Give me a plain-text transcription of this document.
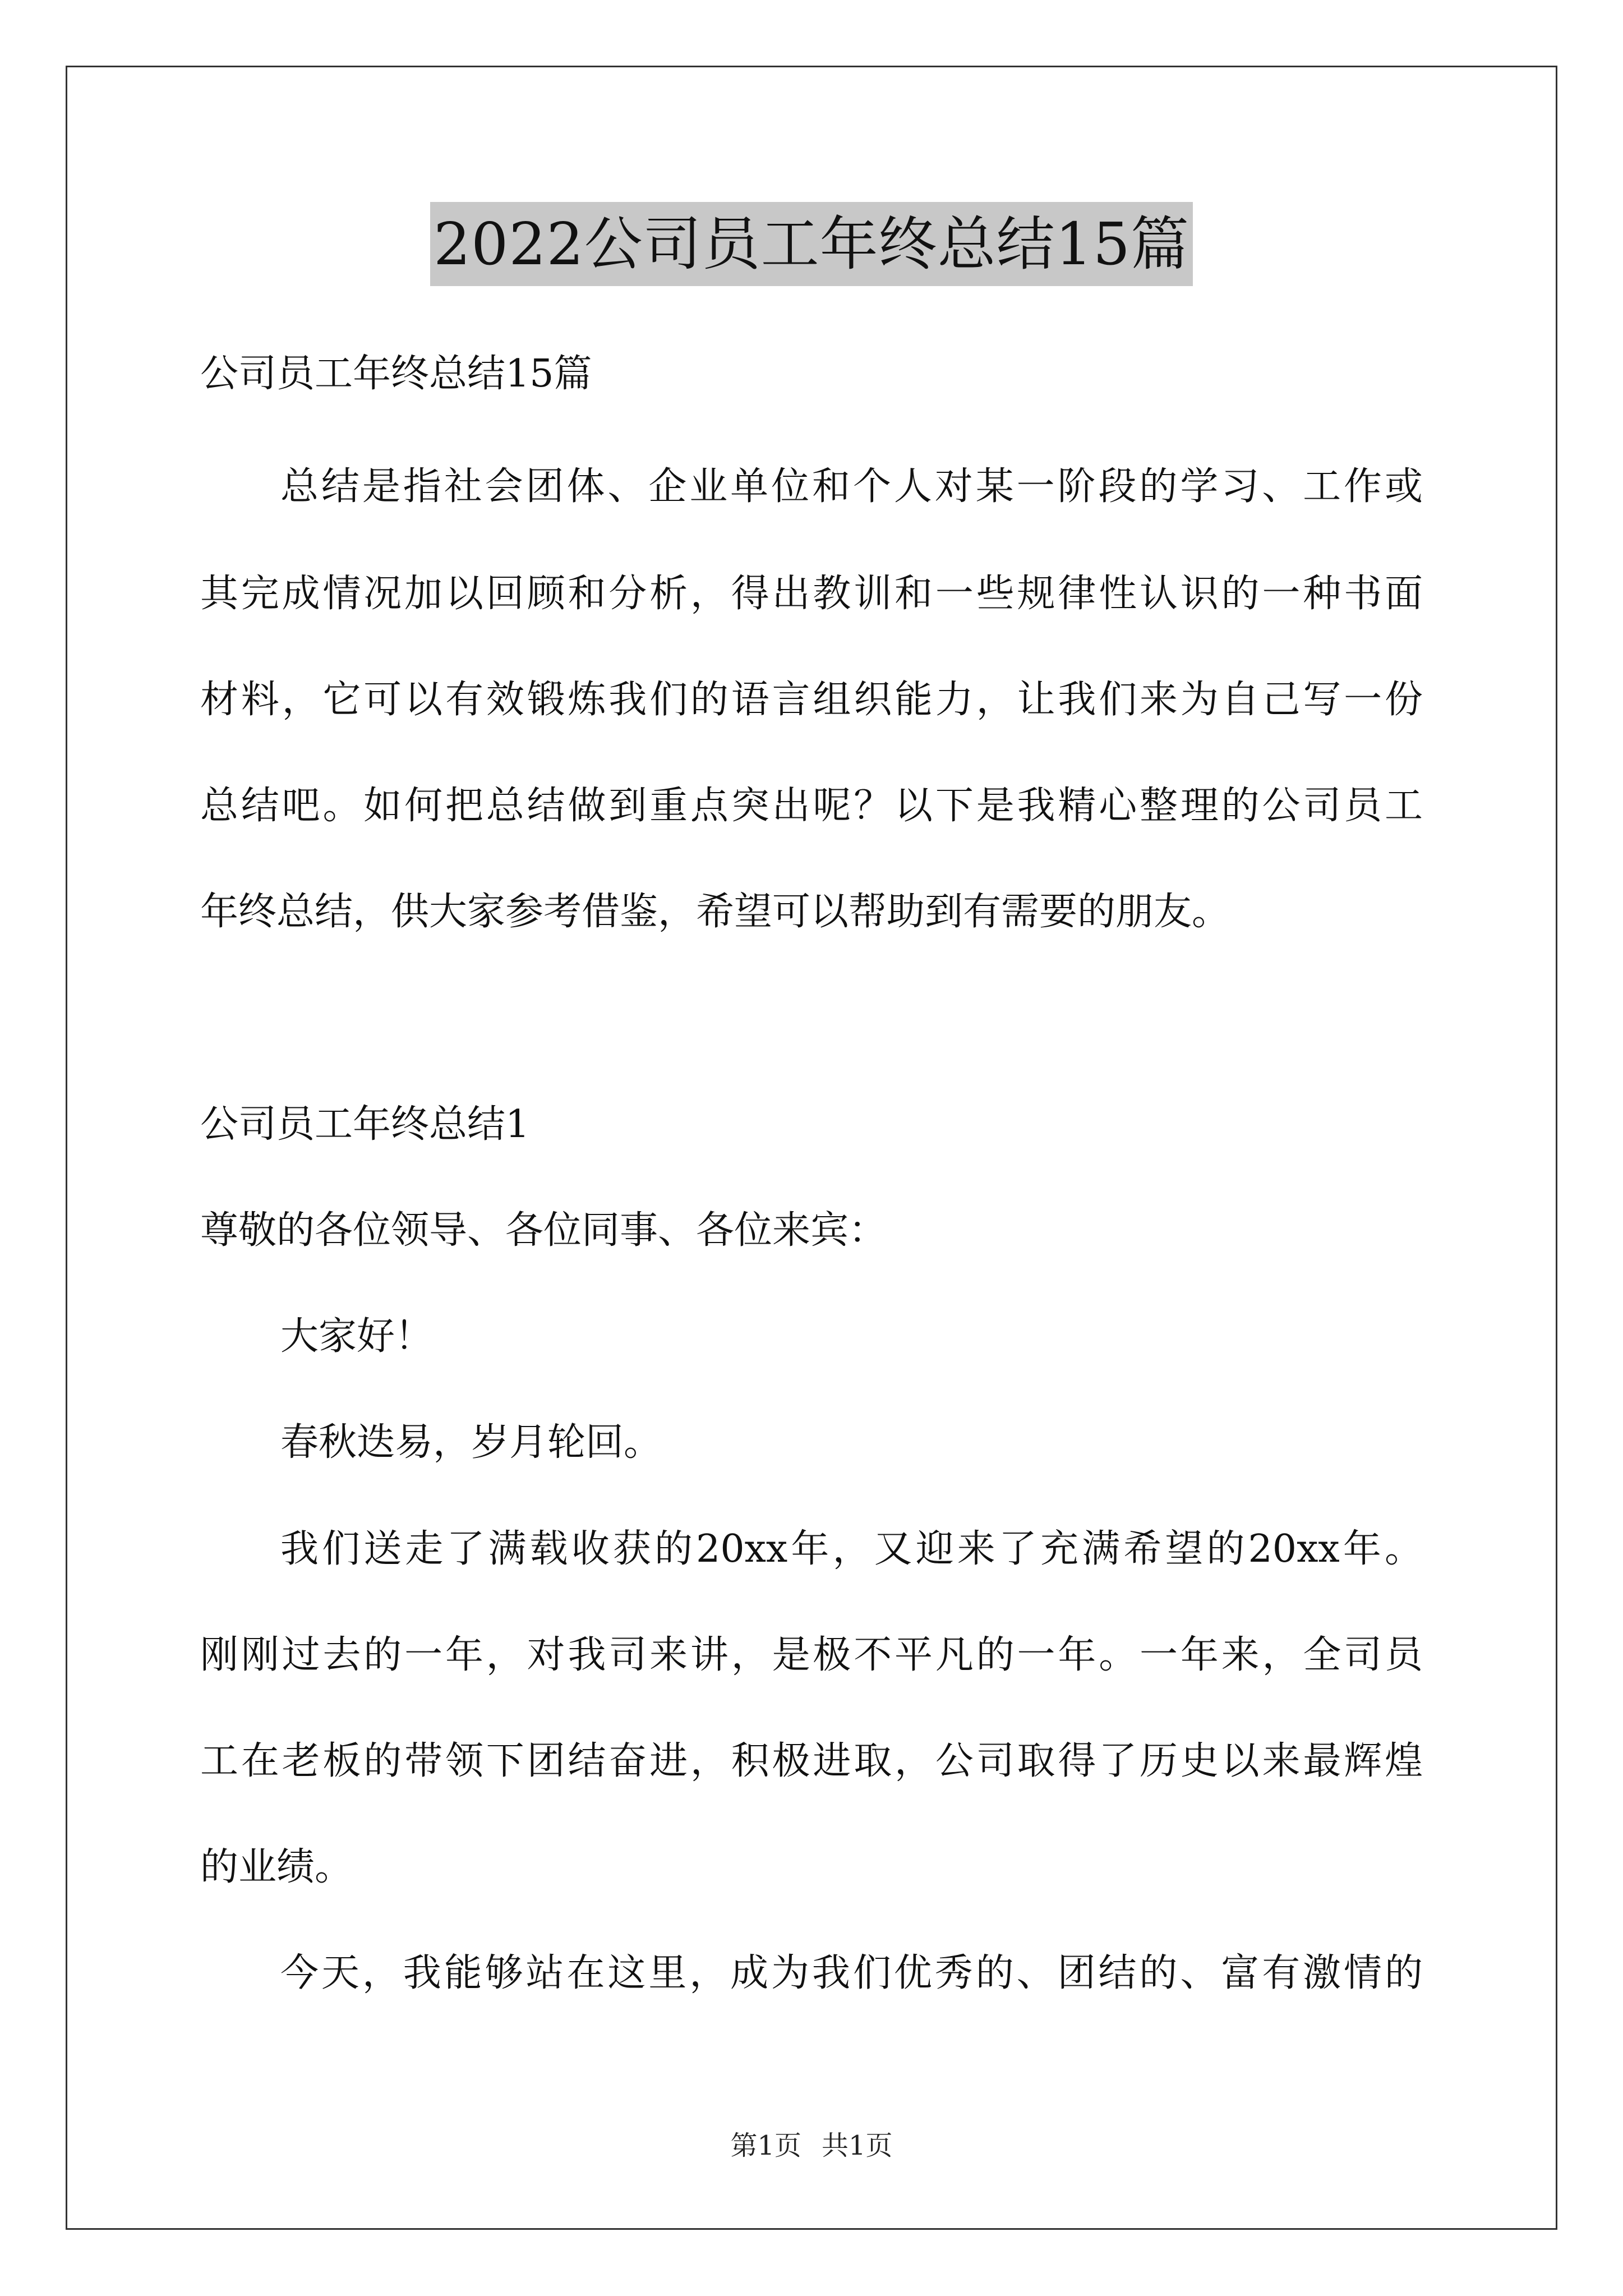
2022公司员工年终总结15篇
公司员工年终总结15篇
总结是指社会团体、企业单位和个人对某一阶段的学习、工作或
其完成情况加以回顾和分析，得出教训和一些规律性认识的一种书面
材料，它可以有效锻炼我们的语言组织能力，让我们来为自己写一份
总结吧。如何把总结做到重点突出呢？以下是我精心整理的公司员工
年终总结，供大家参考借鉴，希望可以帮助到有需要的朋友。
公司员工年终总结1
尊敬的各位领导、各位同事、各位来宾：
大家好！
春秋迭易，岁月轮回。
我们送走了满载收获的20xx年，又迎来了充满希望的20xx年。
刚刚过去的一年，对我司来讲，是极不平凡的一年。一年来，全司员
工在老板的带领下团结奋进，积极进取，公司取得了历史以来最辉煌
的业绩。
今天，我能够站在这里，成为我们优秀的、团结的、富有激情的
第1页 共1页
